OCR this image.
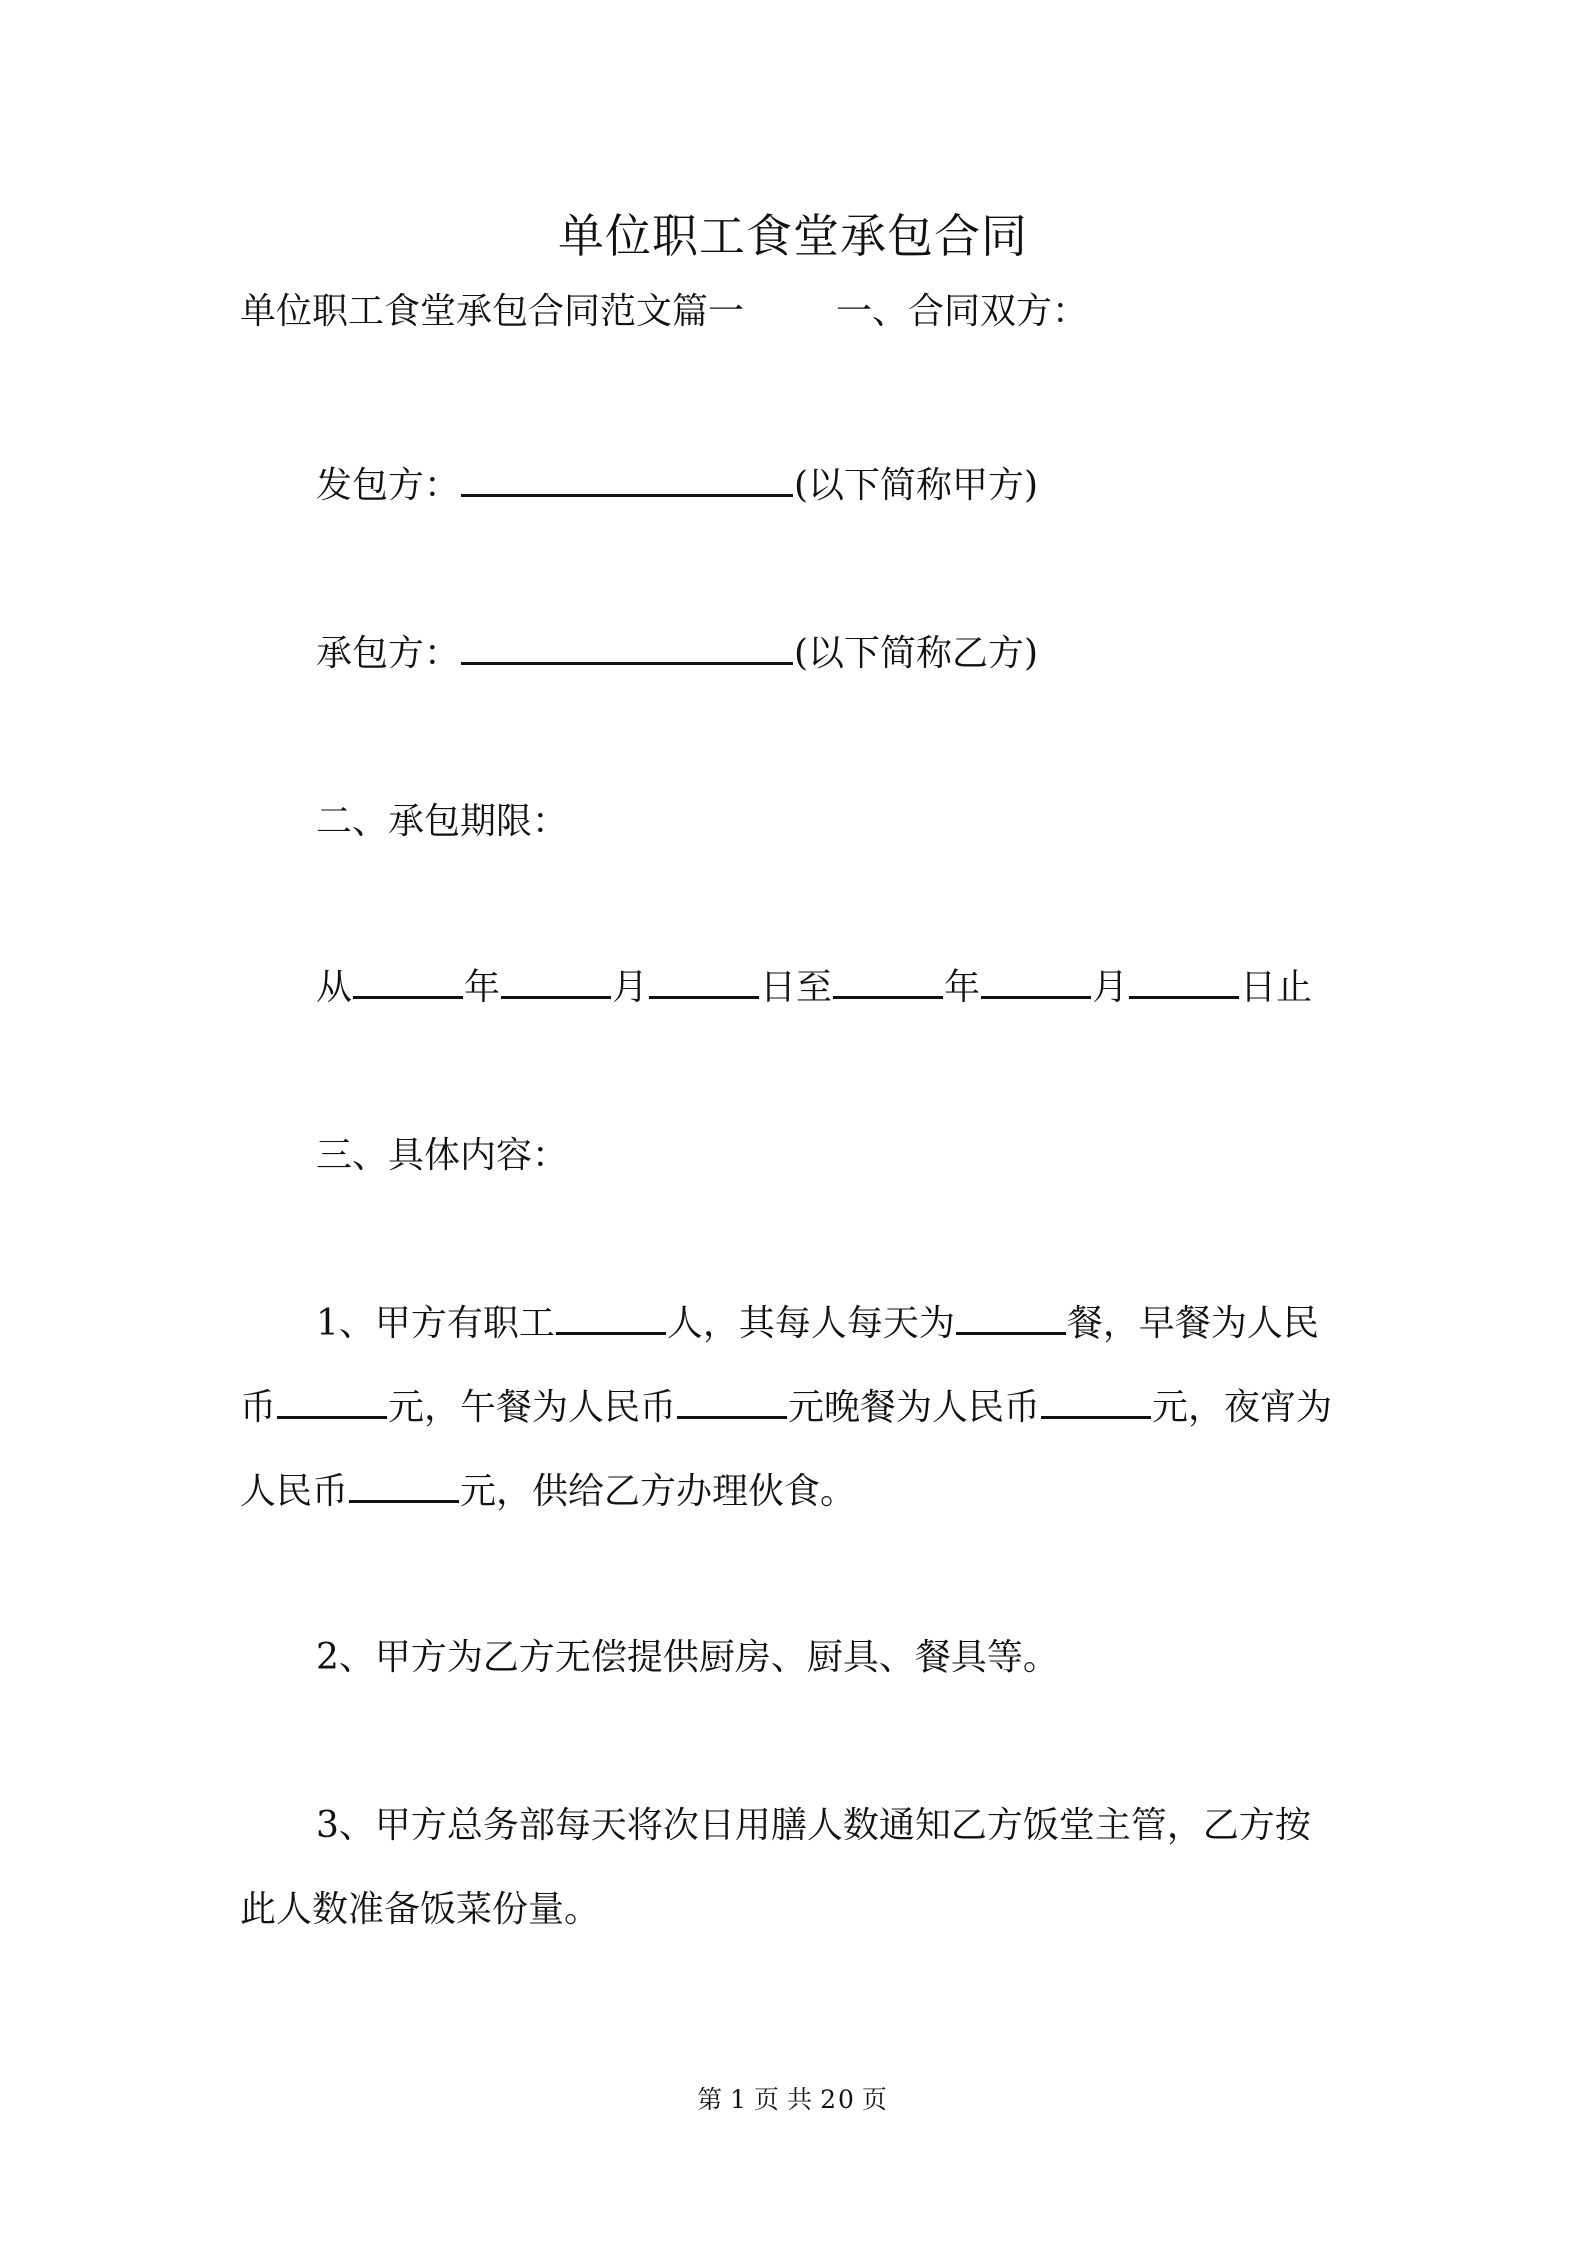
单位职工食堂承包合同
单位职工食堂承包合同范文篇一	一、合同双方：
发包方：	(以下简称甲方)
承包方：	(以下简称乙方)
二、承包期限：
从	年	月	日至	年	月	日止
三、具体内容：
1、甲方有职工	人，其每人每天为	餐，早餐为人民
币	元，午餐为人民币	元晚餐为人民币	元，夜宵为
人民币	元，供给乙方办理伙食。
2、甲方为乙方无偿提供厨房、厨具、餐具等。
3、甲方总务部每天将次日用膳人数通知乙方饭堂主管，乙方按
此人数准备饭菜份量。
第 1 页 共 20 页
